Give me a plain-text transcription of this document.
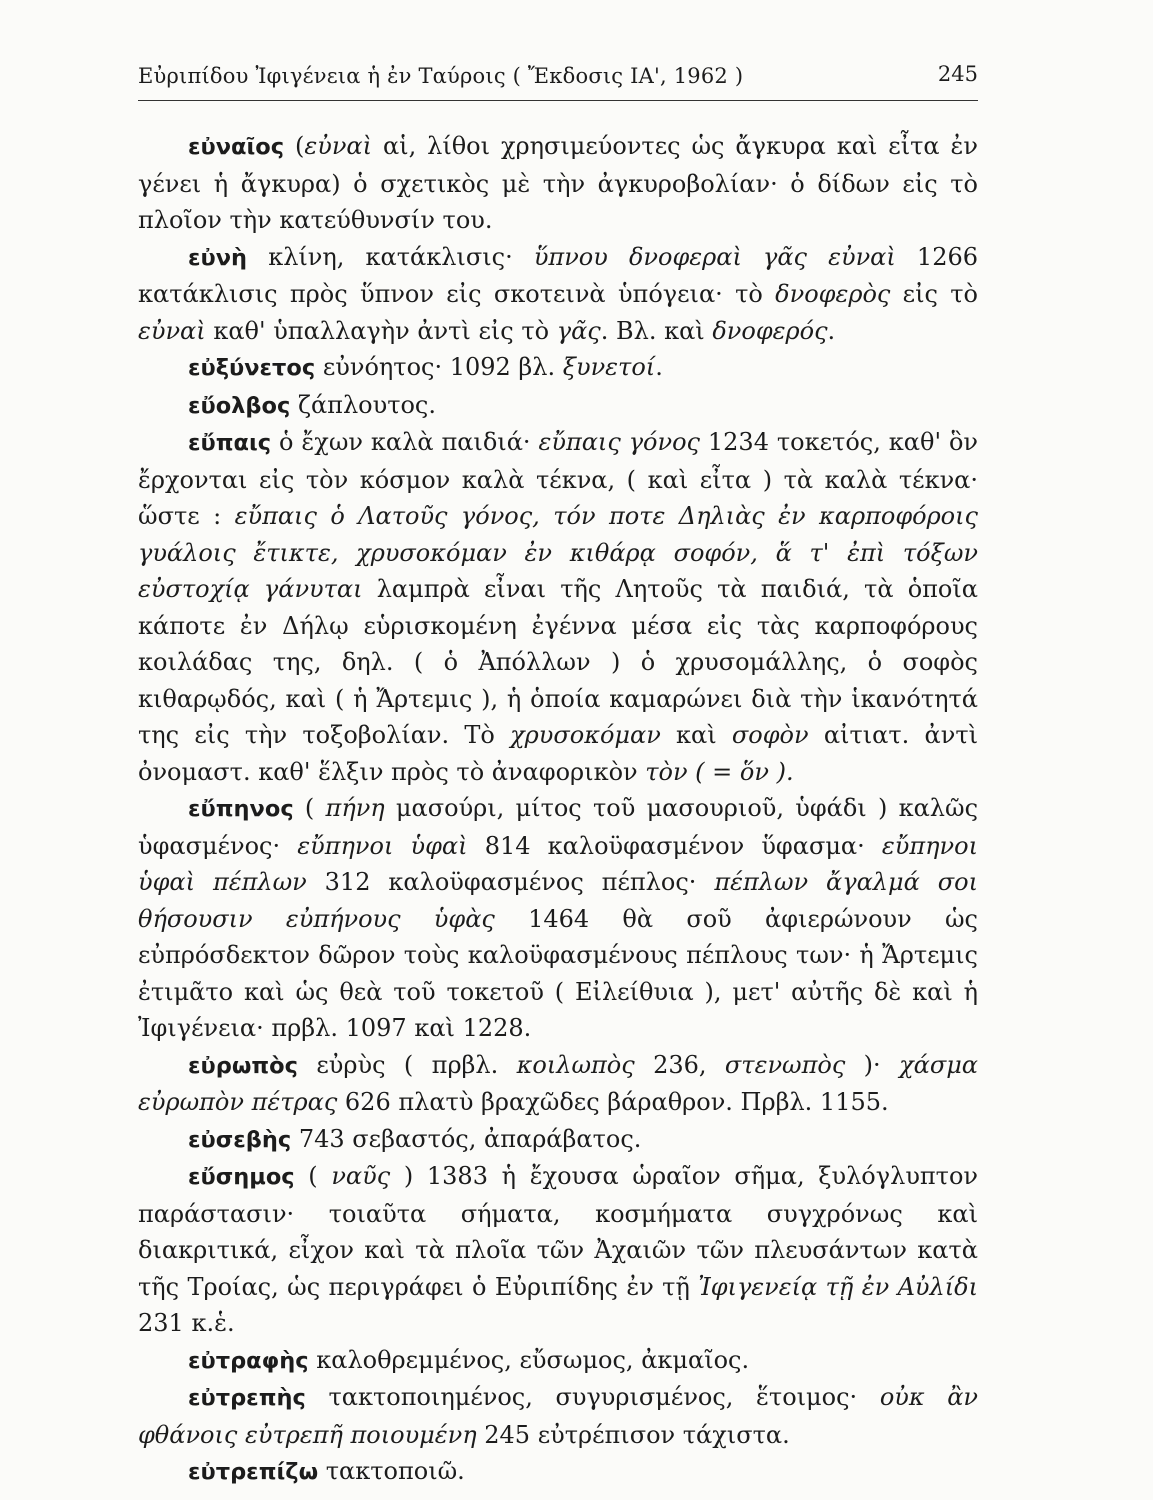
Εὐριπίδου Ἰφιγένεια ἡ ἐν Ταύροις ( Ἔκδοσις ΙΑ', 1962 )	245

εὐναῖος (εὐναὶ αἱ, λίθοι χρησιμεύοντες ὡς ἄγκυρα καὶ εἶτα ἐν γένει ἡ ἄγκυρα) ὁ σχετικὸς μὲ τὴν ἀγκυροβολίαν· ὁ δίδων εἰς τὸ πλοῖον τὴν κατεύθυνσίν του.

εὐνὴ κλίνη, κατάκλισις· ὕπνου δνοφεραὶ γᾶς εὐναὶ 1266 κατάκλισις πρὸς ὕπνον εἰς σκοτεινὰ ὑπόγεια· τὸ δνοφερὸς εἰς τὸ εὐναὶ καθ' ὑπαλλαγὴν ἀντὶ εἰς τὸ γᾶς. Βλ. καὶ δνοφερός.

εὐξύνετος εὐνόητος· 1092 βλ. ξυνετοί.

εὔολβος ζάπλουτος.

εὔπαις ὁ ἔχων καλὰ παιδιά· εὔπαις γόνος 1234 τοκετός, καθ' ὃν ἔρχονται εἰς τὸν κόσμον καλὰ τέκνα, ( καὶ εἶτα ) τὰ καλὰ τέκνα· ὥστε : εὔπαις ὁ Λατοῦς γόνος, τόν ποτε Δηλιὰς ἐν καρποφόροις γυάλοις ἔτικτε, χρυσοκόμαν ἐν κιθάρᾳ σοφόν, ἅ τ' ἐπὶ τόξων εὐστοχίᾳ γάνυται λαμπρὰ εἶναι τῆς Λητοῦς τὰ παιδιά, τὰ ὁποῖα κάποτε ἐν Δήλῳ εὑρισκομένη ἐγέννα μέσα εἰς τὰς καρποφόρους κοιλάδας της, δηλ. ( ὁ Ἀπόλλων ) ὁ χρυσομάλλης, ὁ σοφὸς κιθαρῳδός, καὶ ( ἡ Ἄρτεμις ), ἡ ὁποία καμαρώνει διὰ τὴν ἱκανότητά της εἰς τὴν τοξοβολίαν. Τὸ χρυσοκόμαν καὶ σοφὸν αἰτιατ. ἀντὶ ὀνομαστ. καθ' ἕλξιν πρὸς τὸ ἀναφορικὸν τὸν ( = ὅν ).

εὔπηνος ( πήνη μασούρι, μίτος τοῦ μασουριοῦ, ὑφάδι ) καλῶς ὑφασμένος· εὔπηνοι ὑφαὶ 814 καλοϋφασμένον ὕφασμα· εὔπηνοι ὑφαὶ πέπλων 312 καλοϋφασμένος πέπλος· πέπλων ἄγαλμά σοι θήσουσιν εὐπήνους ὑφὰς 1464 θὰ σοῦ ἀφιερώνουν ὡς εὐπρόσδεκτον δῶρον τοὺς καλοϋφασμένους πέπλους των· ἡ Ἄρτεμις ἐτιμᾶτο καὶ ὡς θεὰ τοῦ τοκετοῦ ( Εἰλείθυια ), μετ' αὐτῆς δὲ καὶ ἡ Ἰφιγένεια· πρβλ. 1097 καὶ 1228.

εὐρωπὸς εὐρὺς ( πρβλ. κοιλωπὸς 236, στενωπὸς )· χάσμα εὐρωπὸν πέτρας 626 πλατὺ βραχῶδες βάραθρον. Πρβλ. 1155.

εὐσεβὴς 743 σεβαστός, ἀπαράβατος.

εὔσημος ( ναῦς ) 1383 ἡ ἔχουσα ὡραῖον σῆμα, ξυλόγλυπτον παράστασιν· τοιαῦτα σήματα, κοσμήματα συγχρόνως καὶ διακριτικά, εἶχον καὶ τὰ πλοῖα τῶν Ἀχαιῶν τῶν πλευσάντων κατὰ τῆς Τροίας, ὡς περιγράφει ὁ Εὐριπίδης ἐν τῇ Ἰφιγενείᾳ τῇ ἐν Αὐλίδι 231 κ.ἑ.

εὐτραφὴς καλοθρεμμένος, εὔσωμος, ἀκμαῖος.

εὐτρεπὴς τακτοποιημένος, συγυρισμένος, ἕτοιμος· οὐκ ἂν φθάνοις εὐτρεπῆ ποιουμένη 245 εὐτρέπισον τάχιστα.

εὐτρεπίζω τακτοποιῶ.
